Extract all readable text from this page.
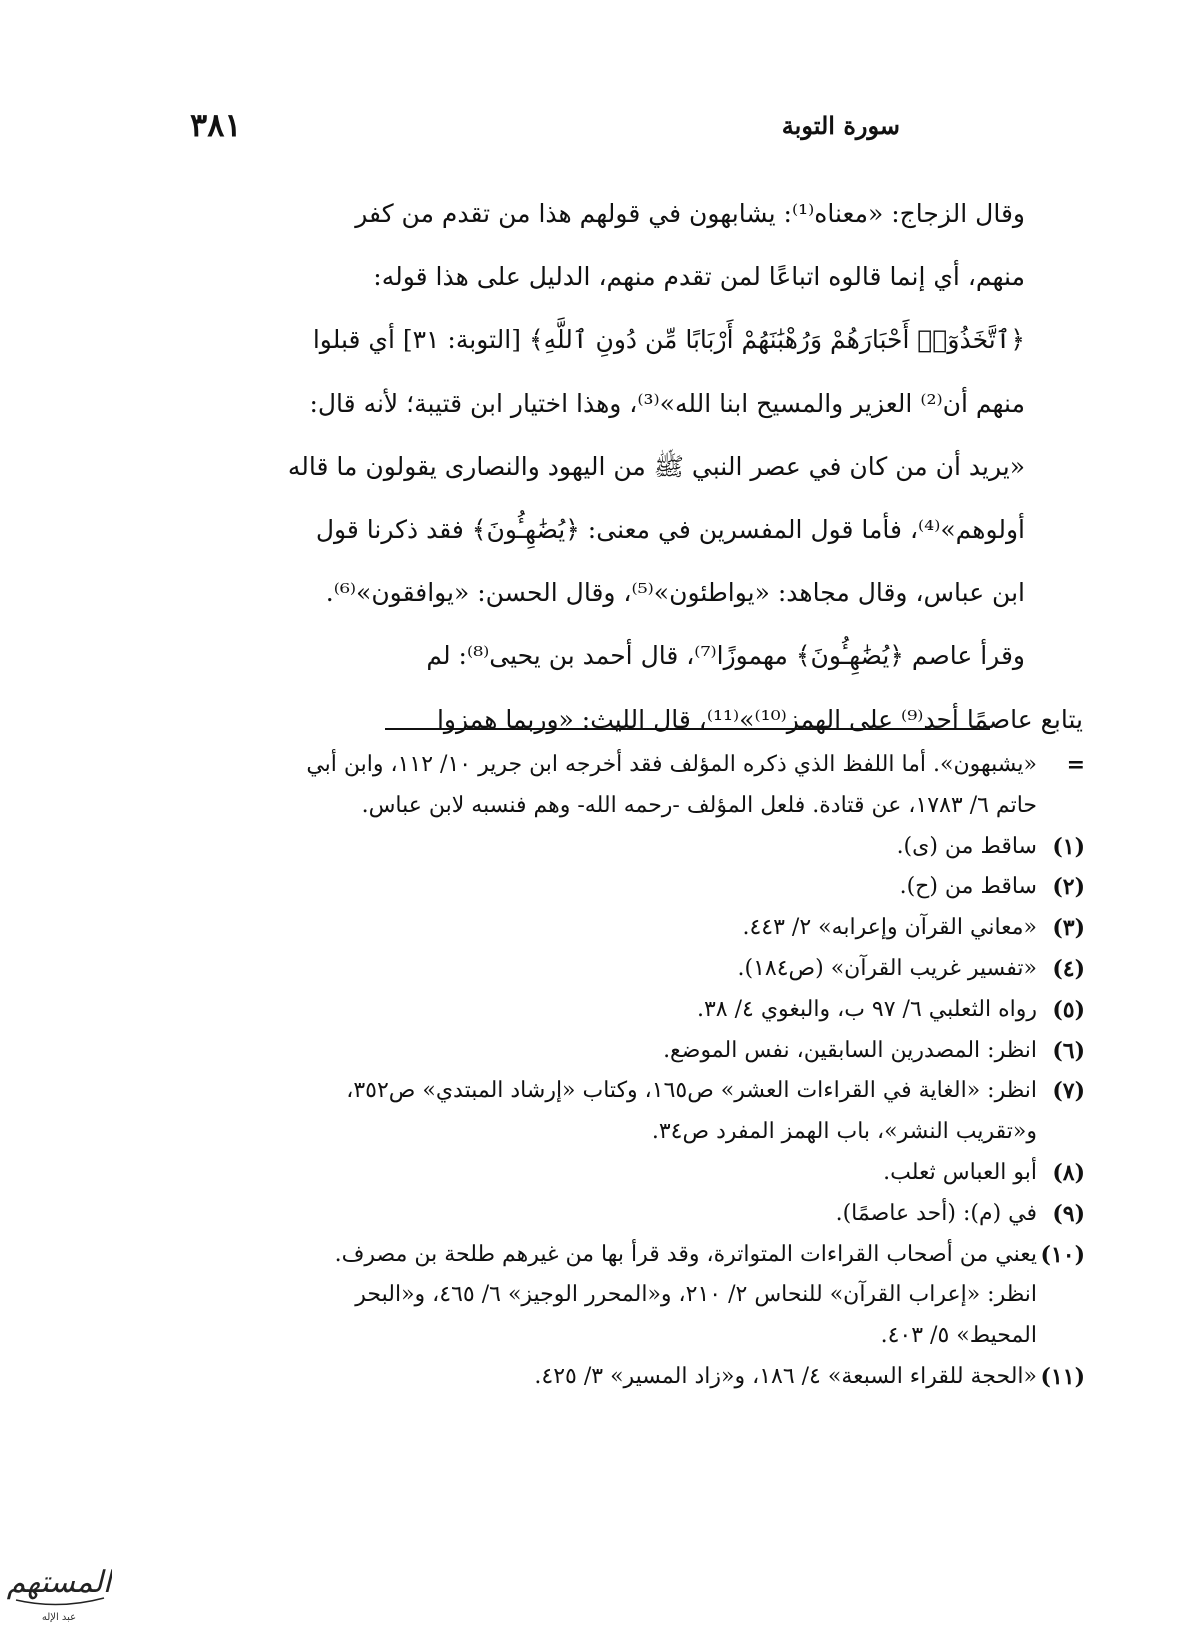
سورة التوبة
٣٨١

وقال الزجاج: «معناه⁽¹⁾: يشابهون في قولهم هذا من تقدم من كفر
منهم، أي إنما قالوه اتباعًا لمن تقدم منهم، الدليل على هذا قوله:
﴿ٱتَّخَذُوٓا۟ أَحْبَارَهُمْ وَرُهْبَٰنَهُمْ أَرْبَابًا مِّن دُونِ ٱللَّهِ﴾ [التوبة: ٣١] أي قبلوا
منهم أن⁽²⁾ العزير والمسيح ابنا الله»⁽³⁾، وهذا اختيار ابن قتيبة؛ لأنه قال:
«يريد أن من كان في عصر النبي ﷺ من اليهود والنصارى يقولون ما قاله
أولوهم»⁽⁴⁾، فأما قول المفسرين في معنى: ﴿يُضَٰهِـُٔونَ﴾ فقد ذكرنا قول
ابن عباس، وقال مجاهد: «يواطئون»⁽⁵⁾، وقال الحسن: «يوافقون»⁽⁶⁾.

وقرأ عاصم ﴿يُضَٰهِـُٔونَ﴾ مهموزًا⁽⁷⁾، قال أحمد بن يحيى⁽⁸⁾: لم

يتابع عاصمًا أحد⁽⁹⁾ على الهمز⁽¹⁰⁾»⁽¹¹⁾، قال الليث: «وربما همزوا

=
«يشبهون». أما اللفظ الذي ذكره المؤلف فقد أخرجه ابن جرير ١٠/ ١١٢، وابن أبي
حاتم ٦/ ١٧٨٣، عن قتادة. فلعل المؤلف -رحمه الله- وهم فنسبه لابن عباس.
(١)
ساقط من (ى).
(٢)
ساقط من (ح).
(٣)
«معاني القرآن وإعرابه» ٢/ ٤٤٣.
(٤)
«تفسير غريب القرآن» (ص١٨٤).
(٥)
رواه الثعلبي ٦/ ٩٧ ب، والبغوي ٤/ ٣٨.
(٦)
انظر: المصدرين السابقين، نفس الموضع.
(٧)
انظر: «الغاية في القراءات العشر» ص١٦٥، وكتاب «إرشاد المبتدي» ص٣٥٢،
و«تقريب النشر»، باب الهمز المفرد ص٣٤.
(٨)
أبو العباس ثعلب.
(٩)
في (م): (أحد عاصمًا).
(١٠)
يعني من أصحاب القراءات المتواترة، وقد قرأ بها من غيرهم طلحة بن مصرف.
انظر: «إعراب القرآن» للنحاس ٢/ ٢١٠، و«المحرر الوجيز» ٦/ ٤٦٥، و«البحر
المحيط» ٥/ ٤٠٣.
(١١)
«الحجة للقراء السبعة» ٤/ ١٨٦، و«زاد المسير» ٣/ ٤٢٥.
المستهم
عبد الإله
